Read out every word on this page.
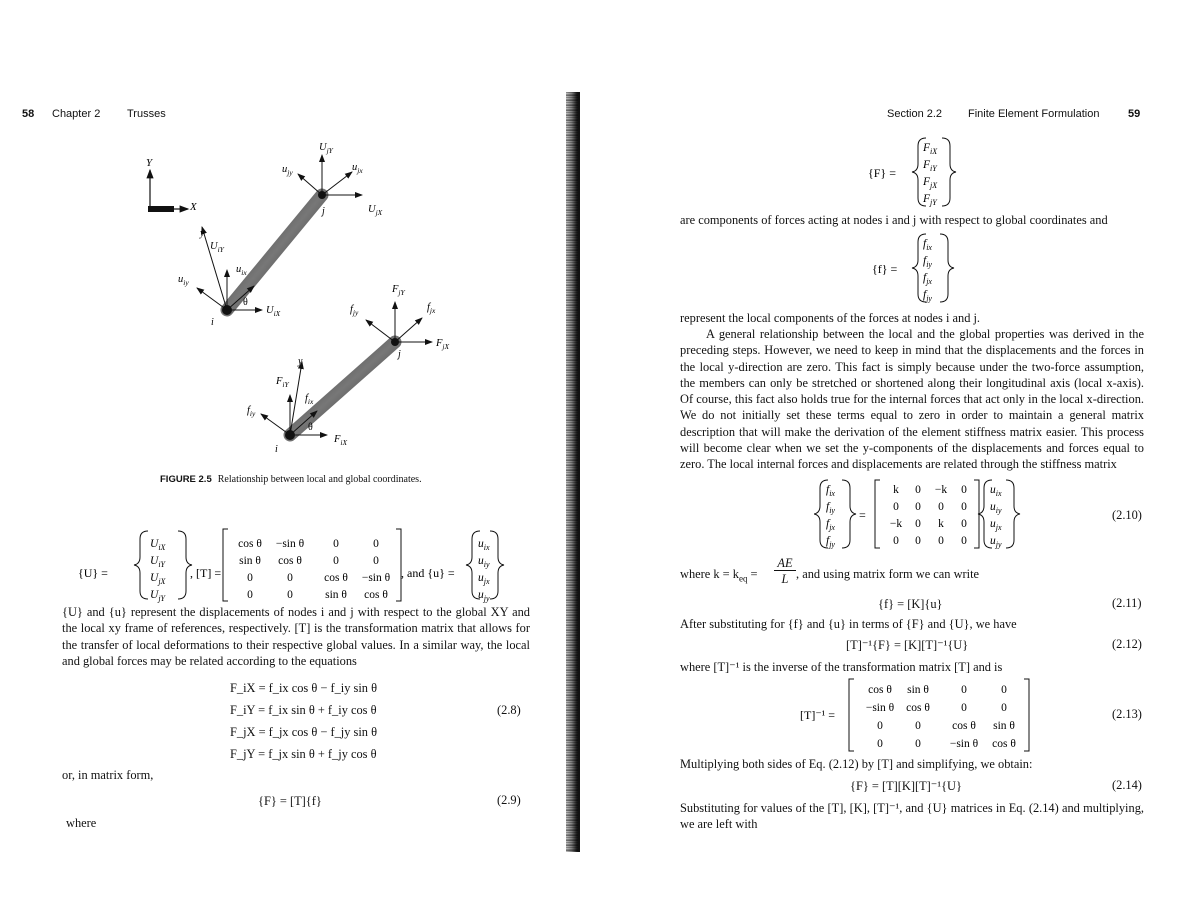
58 Chapter 2 Trusses
Y
X
$U_{jY}$
$u_{jy}$	$u_{jx}$
$U_{jX}$
j
y
$U_{iY}$
$u_{iy}$
$u_{ix}$
θ
$U_{iX}$
i
$F_{jY}$
$f_{jy}$	$f_{jx}$
$F_{jX}$
j
y
$F_{iY}$
$f_{ix}$
$f_{iy}$
θ
$F_{iX}$
i
FIGURE 2.5 Relationship between local and global coordinates.
{U} =
$U_{iX}$
$U_{iY}$
$U_{jX}$
$U_{jY}$
, [T] =
cos θ −sin θ	0	0
sin θ cos θ	0	0
0	0	cos θ −sin θ
0	0	sin θ cos θ
, and {u} =
$u_{ix}$
$u_{iy}$
$u_{jx}$
$u_{jy}$
{U} and {u} represent the displacements of nodes i and j with respect to the global XY and the local xy frame of references, respectively. [T] is the transformation matrix that allows for the transfer of local deformations to their respective global values. In a similar way, the local and global forces may be related according to the equations
F_iX = f_ix cos θ − f_iy sin θ
F_iY = f_ix sin θ + f_iy cos θ
F_jX = f_jx cos θ − f_jy sin θ
F_jY = f_jx sin θ + f_jy cos θ
(2.8)
or, in matrix form,
{F} = [T]{f}	(2.9)
where
Section 2.2 Finite Element Formulation	59
{F} =
$F_{iX}$
$F_{iY}$
$F_{jX}$
$F_{jY}$
are components of forces acting at nodes i and j with respect to global coordinates and
{f} =
$f_{ix}$
$f_{iy}$
$f_{jx}$
$f_{jy}$
represent the local components of the forces at nodes i and j.
A general relationship between the local and the global properties was derived in the preceding steps. However, we need to keep in mind that the displacements and the forces in the local y-direction are zero. This fact is simply because under the two-force assumption, the members can only be stretched or shortened along their longitudinal axis (local x-axis). Of course, this fact also holds true for the internal forces that act only in the local x-direction. We do not initially set these terms equal to zero in order to maintain a general matrix description that will make the derivation of the element stiffness matrix easier. This process will become clear when we set the y-components of the displacements and forces equal to zero. The local internal forces and displacements are related through the stiffness matrix
$f_{ix}$
$f_{iy}$
$f_{jx}$
$f_{jy}$
=
k 0 −k 0
0 0 0 0
−k 0 k 0
0 0 0 0
$u_{ix}$
$u_{iy}$
$u_{jx}$
$u_{jy}$
(2.10)
where $k = k_{eq}$ =
AE
L , and using matrix form we can write
{f} = [K]{u}	(2.11)
After substituting for {f} and {u} in terms of {F} and {U}, we have
[T]⁻¹{F} = [K][T]⁻¹{U}	(2.12)
where [T]⁻¹ is the inverse of the transformation matrix [T] and is
[T]⁻¹ =
cos θ sin θ	0	0
−sin θ cos θ	0	0
0	0	cos θ sin θ
0	0	−sin θ cos θ
(2.13)
Multiplying both sides of Eq. (2.12) by [T] and simplifying, we obtain:
{F} = [T][K][T]⁻¹{U}	(2.14)
Substituting for values of the [T], [K], [T]⁻¹, and {U} matrices in Eq. (2.14) and multiplying, we are left with
